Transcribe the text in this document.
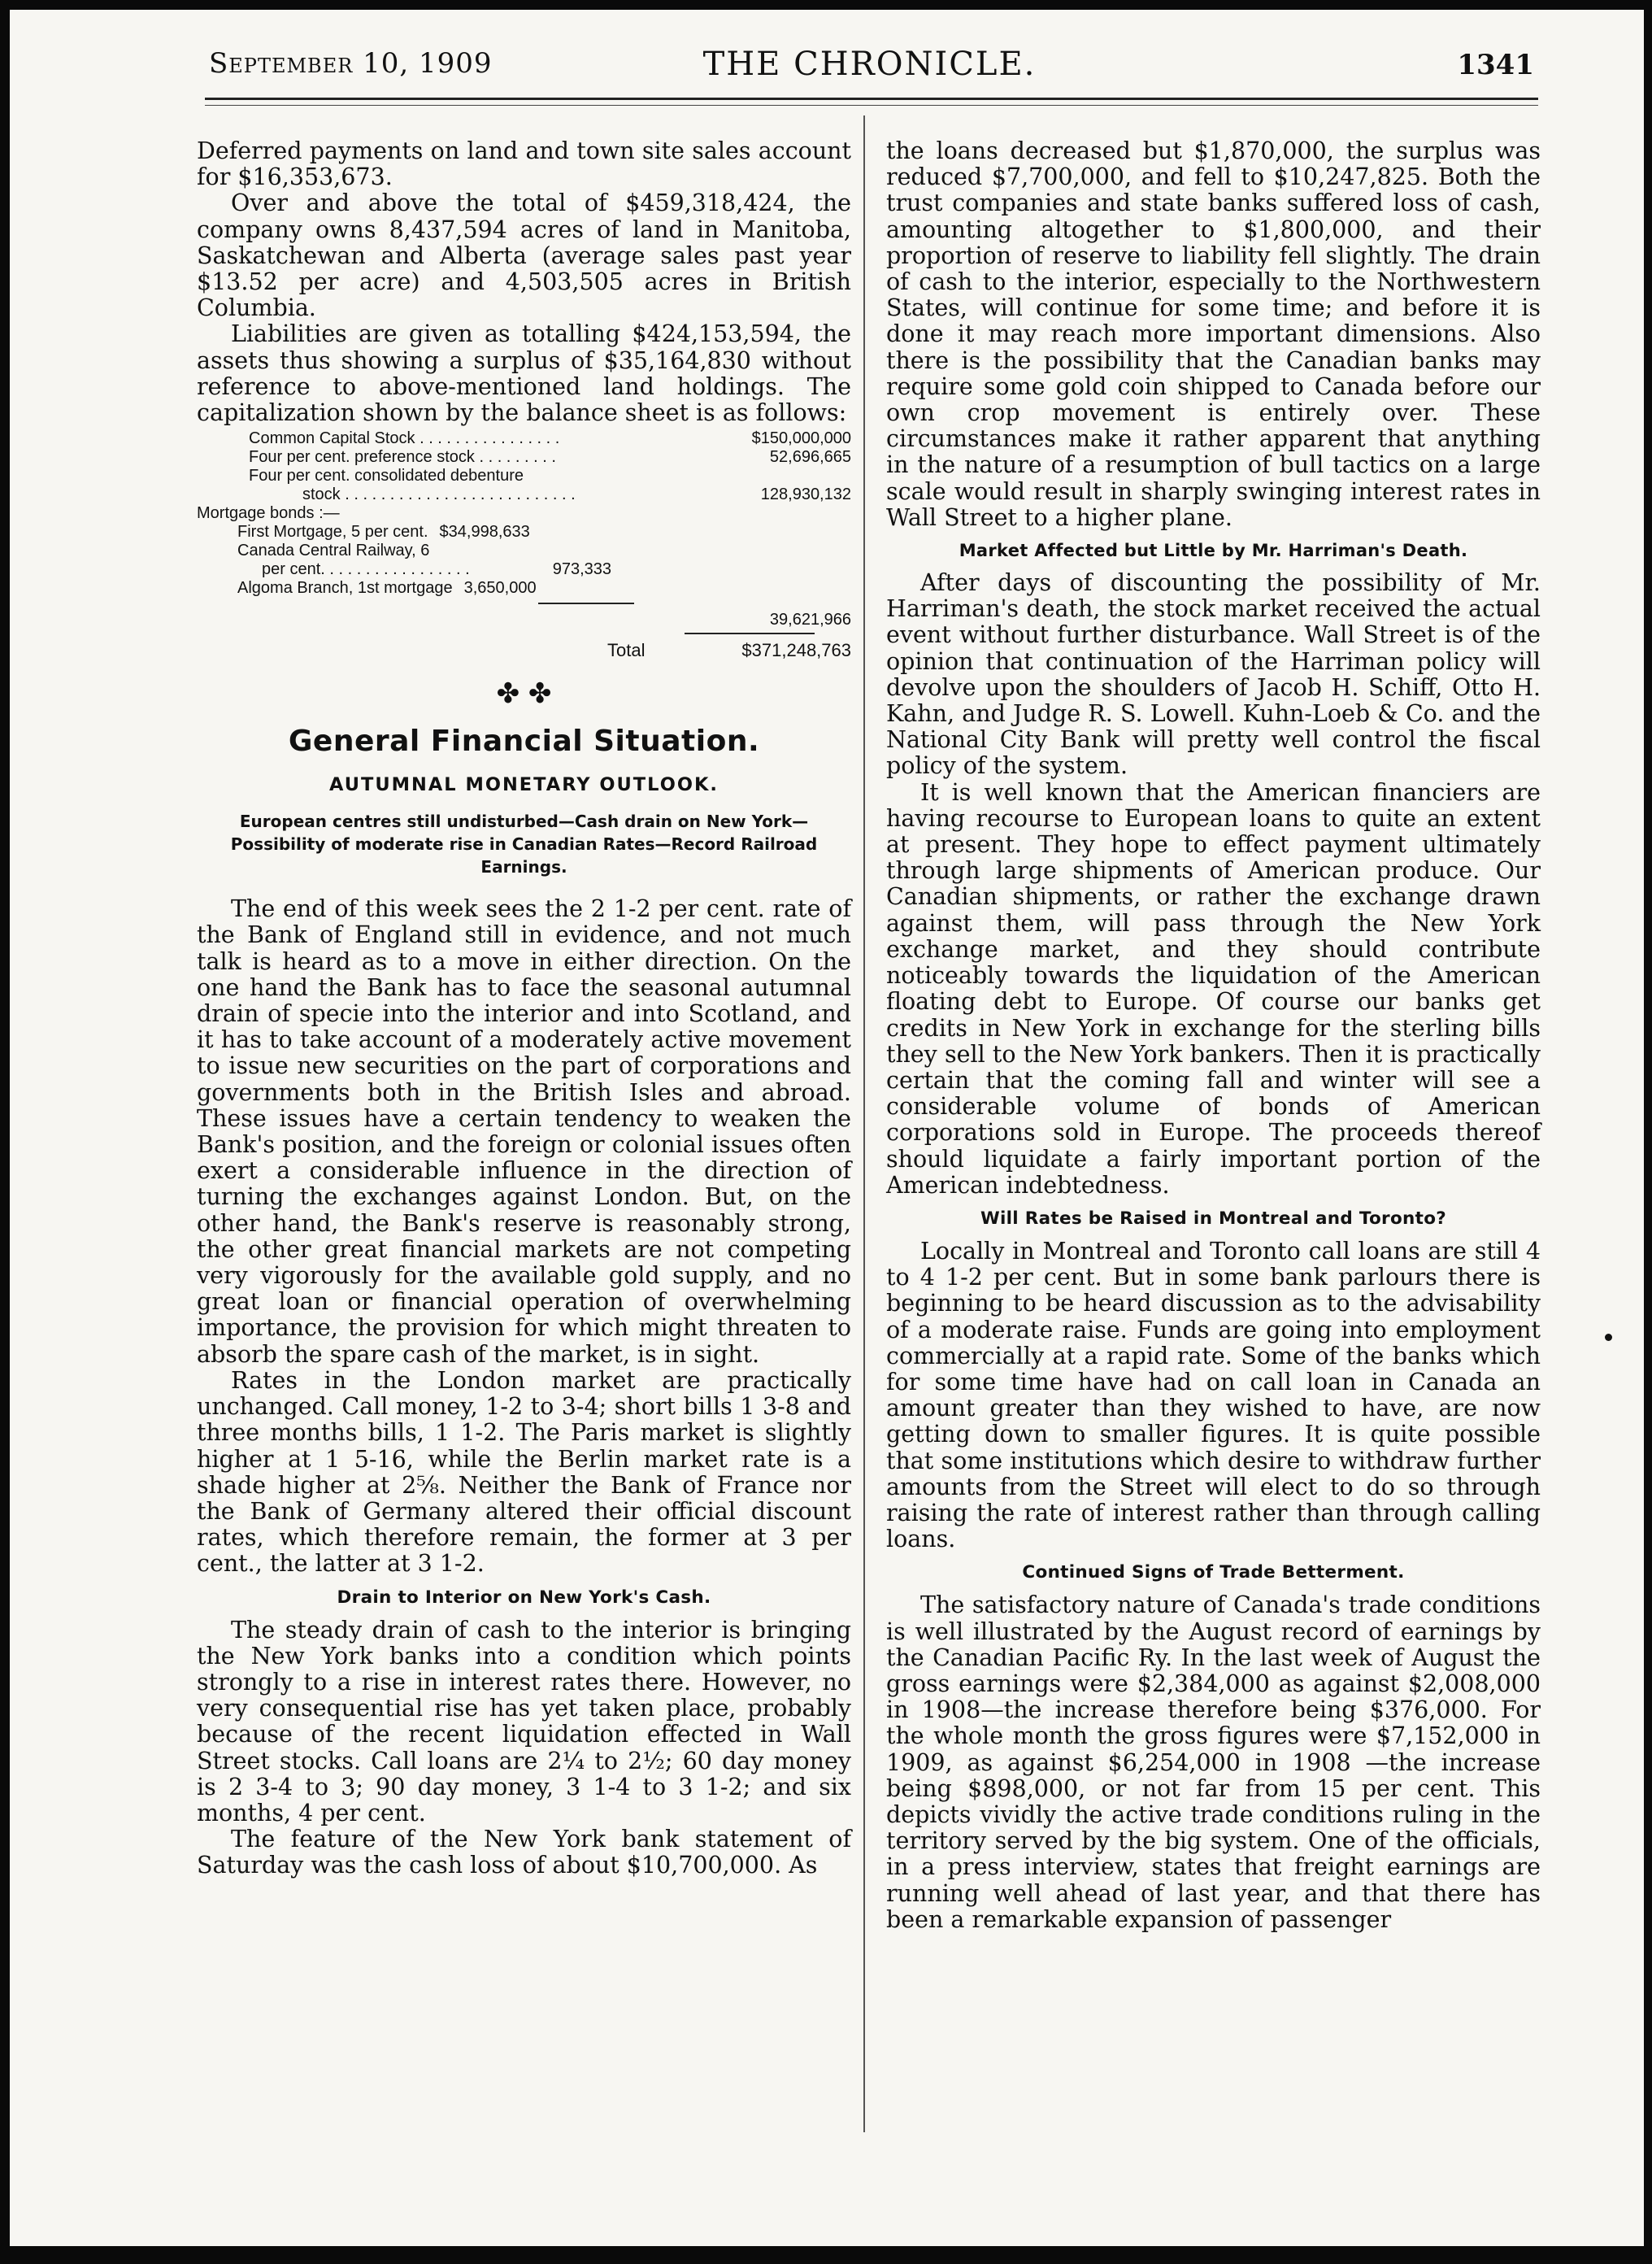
September 10, 1909	THE CHRONICLE.	1341

Deferred payments on land and town site sales account for $16,353,673.

Over and above the total of $459,318,424, the company owns 8,437,594 acres of land in Manitoba, Saskatchewan and Alberta (average sales past year $13.52 per acre) and 4,503,505 acres in British Columbia.

Liabilities are given as totalling $424,153,594, the assets thus showing a surplus of $35,164,830 without reference to above-mentioned land holdings. The capitalization shown by the balance sheet is as follows:

Common Capital Stock . . . . . . . . . . . . . . . .	$150,000,000
Four per cent. preference stock . . . . . . . . .	52,696,665
Four per cent. consolidated debenture
stock . . . . . . . . . . . . . . . . . . . . . . . . . .	128,930,132
Mortgage bonds :—
First Mortgage, 5 per cent. $34,998,633
Canada Central Railway, 6
per cent. . . . . . . . . . . . . . . . .	973,333
Algoma Branch, 1st mortgage 3,650,000
39,621,966
Total	$371,248,763
✤ ✤
General Financial Situation.
AUTUMNAL MONETARY OUTLOOK.
European centres still undisturbed—Cash drain on New York—Possibility of moderate rise in Canadian Rates—Record Railroad Earnings.

The end of this week sees the 2 1-2 per cent. rate of the Bank of England still in evidence, and not much talk is heard as to a move in either direction. On the one hand the Bank has to face the seasonal autumnal drain of specie into the interior and into Scotland, and it has to take account of a moderately active movement to issue new securities on the part of corporations and governments both in the British Isles and abroad. These issues have a certain tendency to weaken the Bank's position, and the foreign or colonial issues often exert a considerable influence in the direction of turning the exchanges against London. But, on the other hand, the Bank's reserve is reasonably strong, the other great financial markets are not competing very vigorously for the available gold supply, and no great loan or financial operation of overwhelming importance, the provision for which might threaten to absorb the spare cash of the market, is in sight.

Rates in the London market are practically unchanged. Call money, 1-2 to 3-4; short bills 1 3-8 and three months bills, 1 1-2. The Paris market is slightly higher at 1 5-16, while the Berlin market rate is a shade higher at 2⅝. Neither the Bank of France nor the Bank of Germany altered their official discount rates, which therefore remain, the former at 3 per cent., the latter at 3 1-2.

Drain to Interior on New York's Cash.

The steady drain of cash to the interior is bringing the New York banks into a condition which points strongly to a rise in interest rates there. However, no very consequential rise has yet taken place, probably because of the recent liquidation effected in Wall Street stocks. Call loans are 2¼ to 2½; 60 day money is 2 3-4 to 3; 90 day money, 3 1-4 to 3 1-2; and six months, 4 per cent.

The feature of the New York bank statement of Saturday was the cash loss of about $10,700,000. As

the loans decreased but $1,870,000, the surplus was reduced $7,700,000, and fell to $10,247,825. Both the trust companies and state banks suffered loss of cash, amounting altogether to $1,800,000, and their proportion of reserve to liability fell slightly. The drain of cash to the interior, especially to the Northwestern States, will continue for some time; and before it is done it may reach more important dimensions. Also there is the possibility that the Canadian banks may require some gold coin shipped to Canada before our own crop movement is entirely over. These circumstances make it rather apparent that anything in the nature of a resumption of bull tactics on a large scale would result in sharply swinging interest rates in Wall Street to a higher plane.

Market Affected but Little by Mr. Harriman's Death.

After days of discounting the possibility of Mr. Harriman's death, the stock market received the actual event without further disturbance. Wall Street is of the opinion that continuation of the Harriman policy will devolve upon the shoulders of Jacob H. Schiff, Otto H. Kahn, and Judge R. S. Lowell. Kuhn-Loeb & Co. and the National City Bank will pretty well control the fiscal policy of the system.

It is well known that the American financiers are having recourse to European loans to quite an extent at present. They hope to effect payment ultimately through large shipments of American produce. Our Canadian shipments, or rather the exchange drawn against them, will pass through the New York exchange market, and they should contribute noticeably towards the liquidation of the American floating debt to Europe. Of course our banks get credits in New York in exchange for the sterling bills they sell to the New York bankers. Then it is practically certain that the coming fall and winter will see a considerable volume of bonds of American corporations sold in Europe. The proceeds thereof should liquidate a fairly important portion of the American indebtedness.

Will Rates be Raised in Montreal and Toronto?

Locally in Montreal and Toronto call loans are still 4 to 4 1-2 per cent. But in some bank parlours there is beginning to be heard discussion as to the advisability of a moderate raise. Funds are going into employment commercially at a rapid rate. Some of the banks which for some time have had on call loan in Canada an amount greater than they wished to have, are now getting down to smaller figures. It is quite possible that some institutions which desire to withdraw further amounts from the Street will elect to do so through raising the rate of interest rather than through calling loans.

Continued Signs of Trade Betterment.

The satisfactory nature of Canada's trade conditions is well illustrated by the August record of earnings by the Canadian Pacific Ry. In the last week of August the gross earnings were $2,384,000 as against $2,008,000 in 1908—the increase therefore being $376,000. For the whole month the gross figures were $7,152,000 in 1909, as against $6,254,000 in 1908 —the increase being $898,000, or not far from 15 per cent. This depicts vividly the active trade conditions ruling in the territory served by the big system. One of the officials, in a press interview, states that freight earnings are running well ahead of last year, and that there has been a remarkable expansion of passenger
